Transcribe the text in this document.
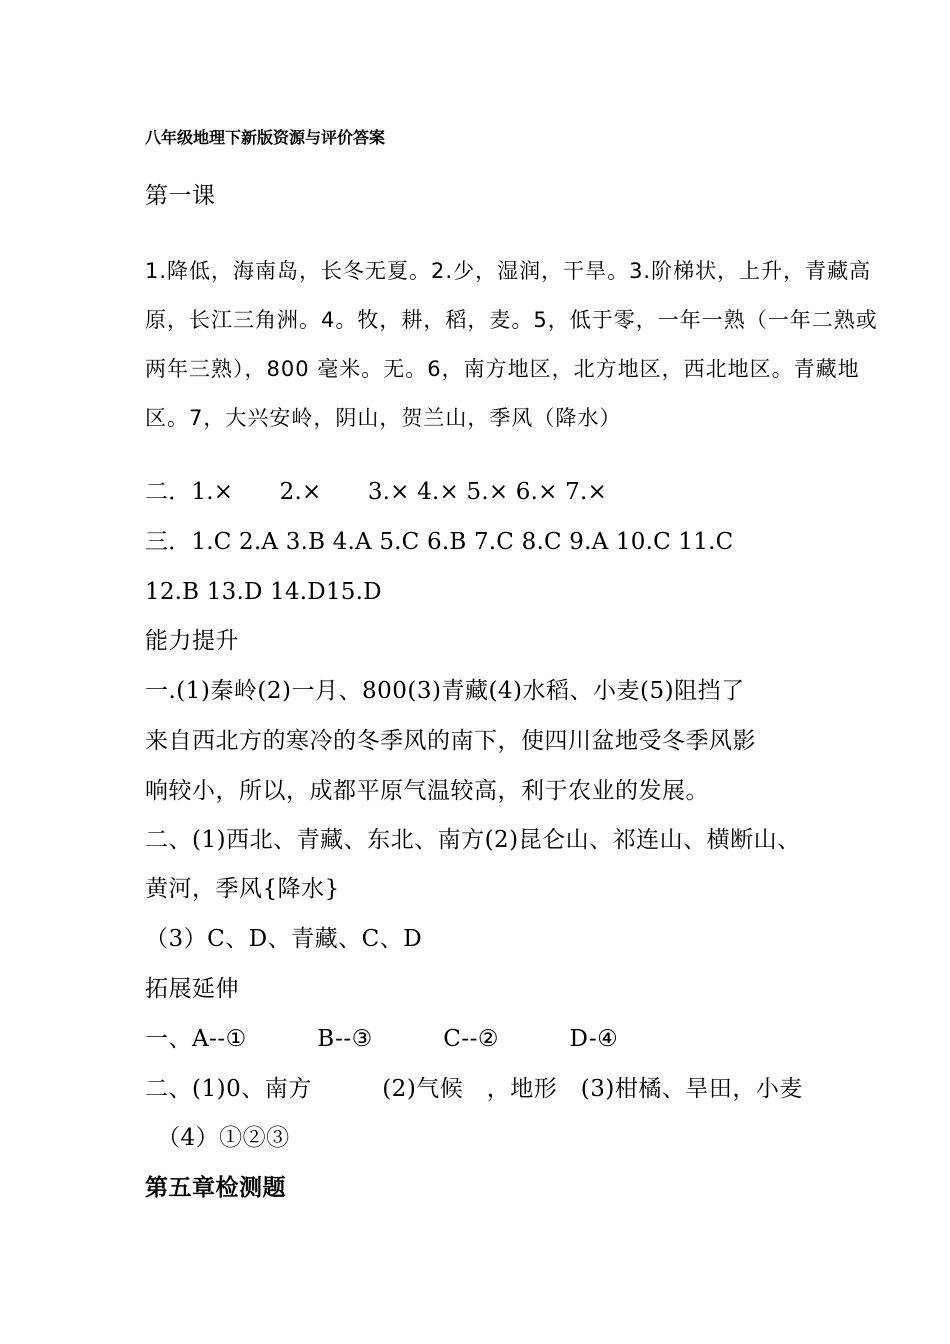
八年级地理下新版资源与评价答案
第一课
1.降低，海南岛，长冬无夏。2.少，湿润，干旱。3.阶梯状，上升，青藏高
原，长江三角洲。4。牧，耕，稻，麦。5，低于零，一年一熟（一年二熟或
两年三熟），800 毫米。无。6，南方地区，北方地区，西北地区。青藏地
区。7，大兴安岭，阴山，贺兰山，季风（降水）
二．1.×　　2.×　　3.× 4.× 5.× 6.× 7.×
三．1.C 2.A 3.B 4.A 5.C 6.B 7.C 8.C 9.A 10.C 11.C
12.B 13.D 14.D15.D
能力提升
一.(1)秦岭(2)一月、800(3)青藏(4)水稻、小麦(5)阻挡了
来自西北方的寒冷的冬季风的南下，使四川盆地受冬季风影
响较小，所以，成都平原气温较高，利于农业的发展。
二、(1)西北、青藏、东北、南方(2)昆仑山、祁连山、横断山、
黄河，季风{降水}
（3）C、D、青藏、C、D
拓展延伸
一、A--①　　　B--③　　　C--②　　　D-④
二、(1)0、南方　　　(2)气候　，地形　(3)柑橘、旱田，小麦
　（4）①②③
第五章检测题
